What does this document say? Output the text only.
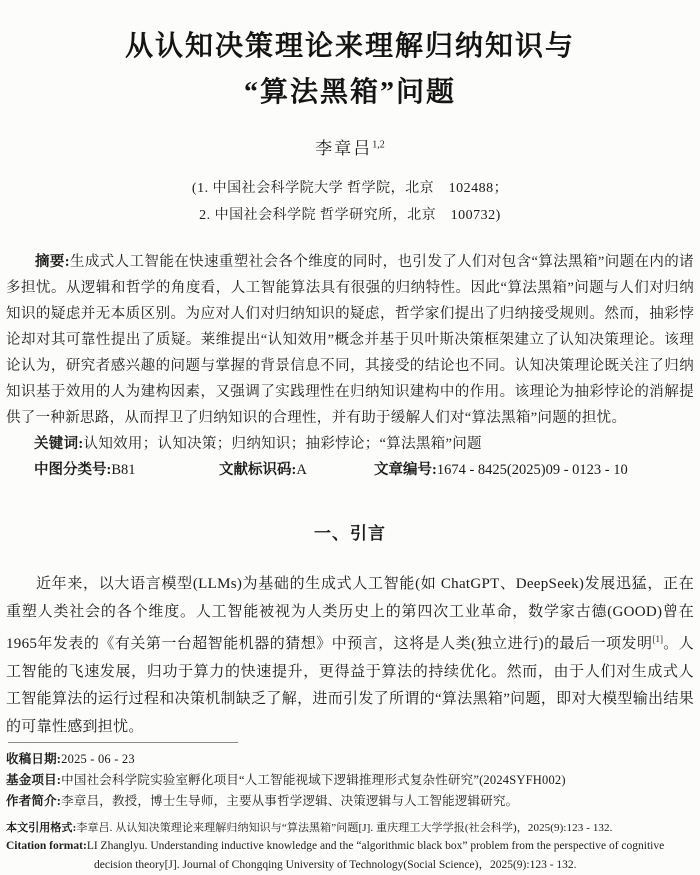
从认知决策理论来理解归纳知识与
“算法黑箱”问题
李章吕$^{1,2}$
(1. 中国社会科学院大学 哲学院，北京　102488；
2. 中国社会科学院 哲学研究所，北京　100732)

摘要:生成式人工智能在快速重塑社会各个维度的同时，也引发了人们对包含“算法黑箱”问题在内的诸多担忧。从逻辑和哲学的角度看，人工智能算法具有很强的归纳特性。因此“算法黑箱”问题与人们对归纳知识的疑虑并无本质区别。为应对人们对归纳知识的疑虑，哲学家们提出了归纳接受规则。然而，抽彩悖论却对其可靠性提出了质疑。莱维提出“认知效用”概念并基于贝叶斯决策框架建立了认知决策理论。该理论认为，研究者感兴趣的问题与掌握的背景信息不同，其接受的结论也不同。认知决策理论既关注了归纳知识基于效用的人为建构因素，又强调了实践理性在归纳知识建构中的作用。该理论为抽彩悖论的消解提供了一种新思路，从而捍卫了归纳知识的合理性，并有助于缓解人们对“算法黑箱”问题的担忧。

关键词:认知效用；认知决策；归纳知识；抽彩悖论；“算法黑箱”问题

中图分类号:B81	文献标识码:A	文章编号:1674 - 8425(2025)09 - 0123 - 10
一、引言

近年来，以大语言模型(LLMs)为基础的生成式人工智能(如 ChatGPT、DeepSeek)发展迅猛，正在重塑人类社会的各个维度。人工智能被视为人类历史上的第四次工业革命，数学家古德(GOOD)曾在1965年发表的《有关第一台超智能机器的猜想》中预言，这将是人类(独立进行)的最后一项发明[1]。人工智能的飞速发展，归功于算力的快速提升，更得益于算法的持续优化。然而，由于人们对生成式人工智能算法的运行过程和决策机制缺乏了解，进而引发了所谓的“算法黑箱”问题，即对大模型输出结果的可靠性感到担忧。

收稿日期:2025 - 06 - 23
基金项目:中国社会科学院实验室孵化项目“人工智能视域下逻辑推理形式复杂性研究”(2024SYFH002)
作者简介:李章吕，教授，博士生导师，主要从事哲学逻辑、决策逻辑与人工智能逻辑研究。
本文引用格式:李章吕. 从认知决策理论来理解归纳知识与“算法黑箱”问题[J]. 重庆理工大学学报(社会科学)，2025(9):123 - 132.
Citation format:LI Zhanglyu. Understanding inductive knowledge and the “algorithmic black box” problem from the perspective of cognitive decision theory[J]. Journal of Chongqing University of Technology(Social Science)，2025(9):123 - 132.
